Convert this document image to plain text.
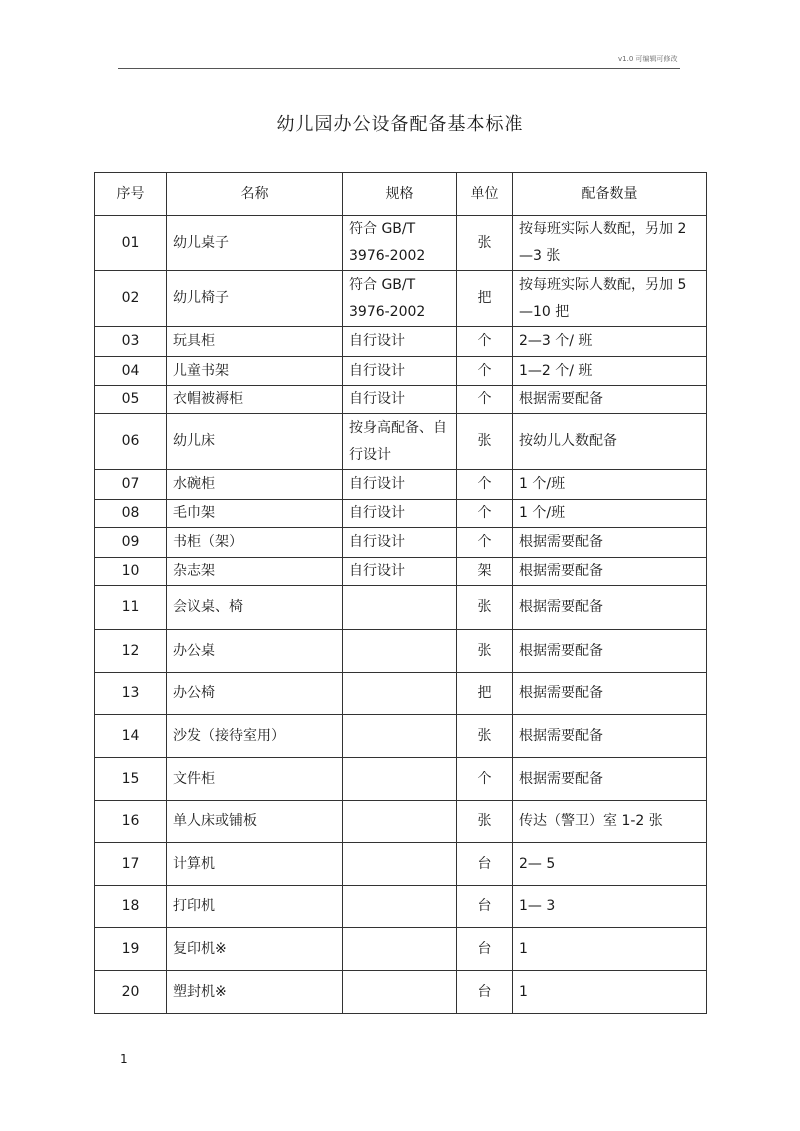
v1.0 可编辑可修改
幼儿园办公设备配备基本标准
序号	名称	规格	单位	配备数量
01	幼儿桌子	符合 GB/T 3976-2002	张	按每班实际人数配，另加 2—3 张
02	幼儿椅子	符合 GB/T 3976-2002	把	按每班实际人数配，另加 5—10 把
03	玩具柜	自行设计	个	2—3 个/ 班
04	儿童书架	自行设计	个	1—2 个/ 班
05	衣帽被褥柜	自行设计	个	根据需要配备
06	幼儿床	按身高配备、自行设计	张	按幼儿人数配备
07	水碗柜	自行设计	个	1 个/班
08	毛巾架	自行设计	个	1 个/班
09	书柜（架）	自行设计	个	根据需要配备
10	杂志架	自行设计	架	根据需要配备
11	会议桌、椅		张	根据需要配备
12	办公桌		张	根据需要配备
13	办公椅		把	根据需要配备
14	沙发（接待室用）		张	根据需要配备
15	文件柜		个	根据需要配备
16	单人床或铺板		张	传达（警卫）室 1-2 张
17	计算机		台	2— 5
18	打印机		台	1— 3
19	复印机※		台	1
20	塑封机※		台	1
1
